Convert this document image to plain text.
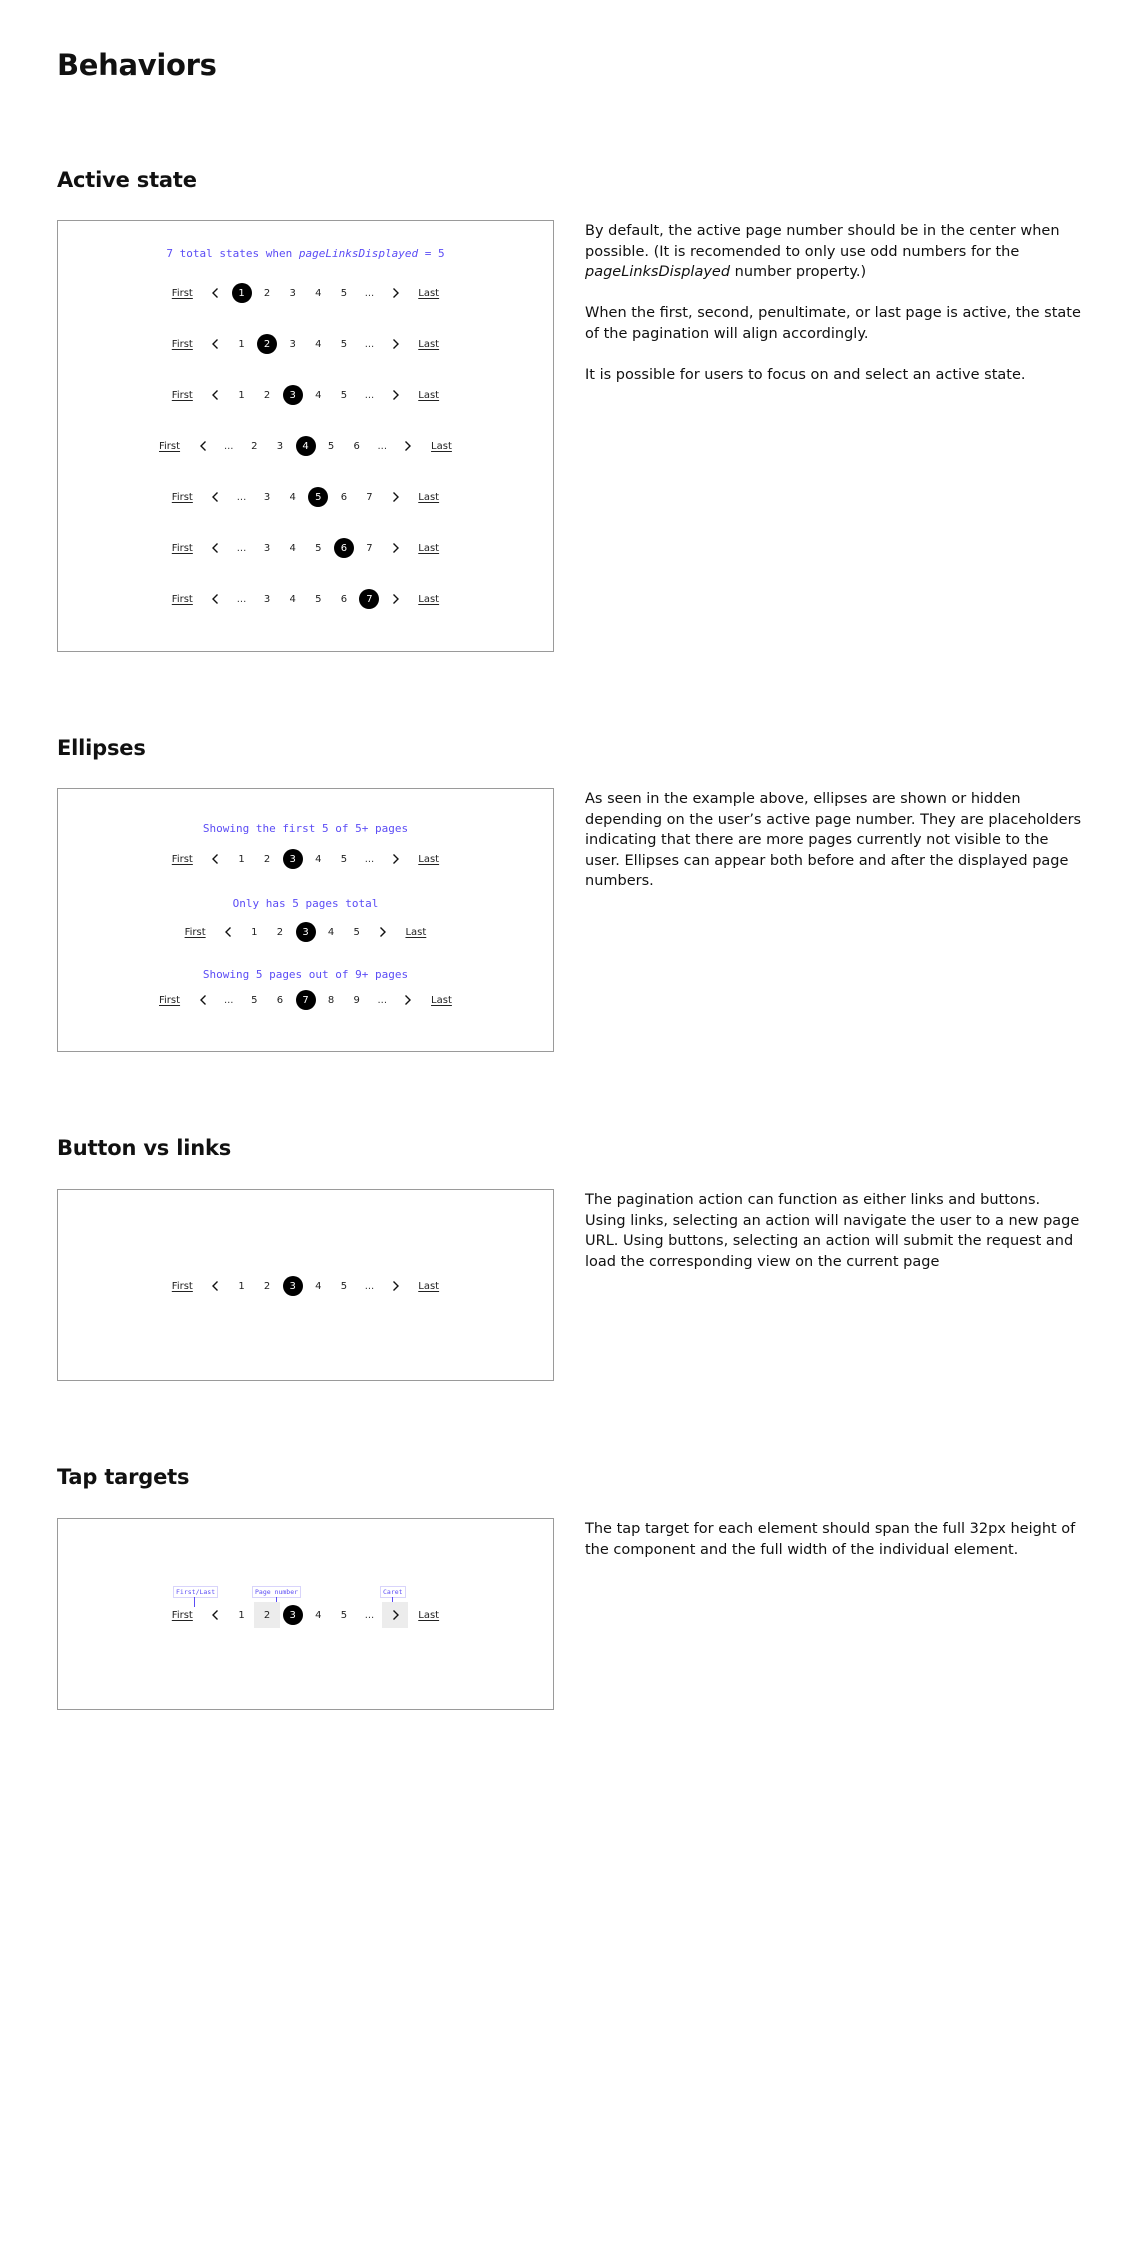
Behaviors
Active state
7 total states when pageLinksDisplayed = 5
First	1	2	3	4	5	...	Last
First	1	2	3	4	5	...	Last
First	1	2	3	4	5	...	Last
First	...	2	3	4	5	6	...	Last
First	...	3	4	5	6	7	Last
First	...	3	4	5	6	7	Last
First	...	3	4	5	6	7	Last

By default, the active page number should be in the center when possible. (It is recomended to only use odd numbers for the pageLinksDisplayed number property.)

When the first, second, penultimate, or last page is active, the state of the pagination will align accordingly.

It is possible for users to focus on and select an active state.

Ellipses
Showing the first 5 of 5+ pages
First	1	2	3	4	5	...	Last
Only has 5 pages total
First	1	2	3	4	5	Last
Showing 5 pages out of 9+ pages
First	...	5	6	7	8	9	...	Last

As seen in the example above, ellipses are shown or hidden depending on the user’s active page number. They are placeholders indicating that there are more pages currently not visible to the user. Ellipses can appear both before and after the displayed page numbers.

Button vs links
First	1	2	3	4	5	...	Last

The pagination action can function as either links and buttons. Using links, selecting an action will navigate the user to a new page URL. Using buttons, selecting an action will submit the request and load the corresponding view on the current page

Tap targets
First/Last	Page number	Caret
First	1	2	3	4	5	...	Last

The tap target for each element should span the full 32px height of the component and the full width of the individual element.
